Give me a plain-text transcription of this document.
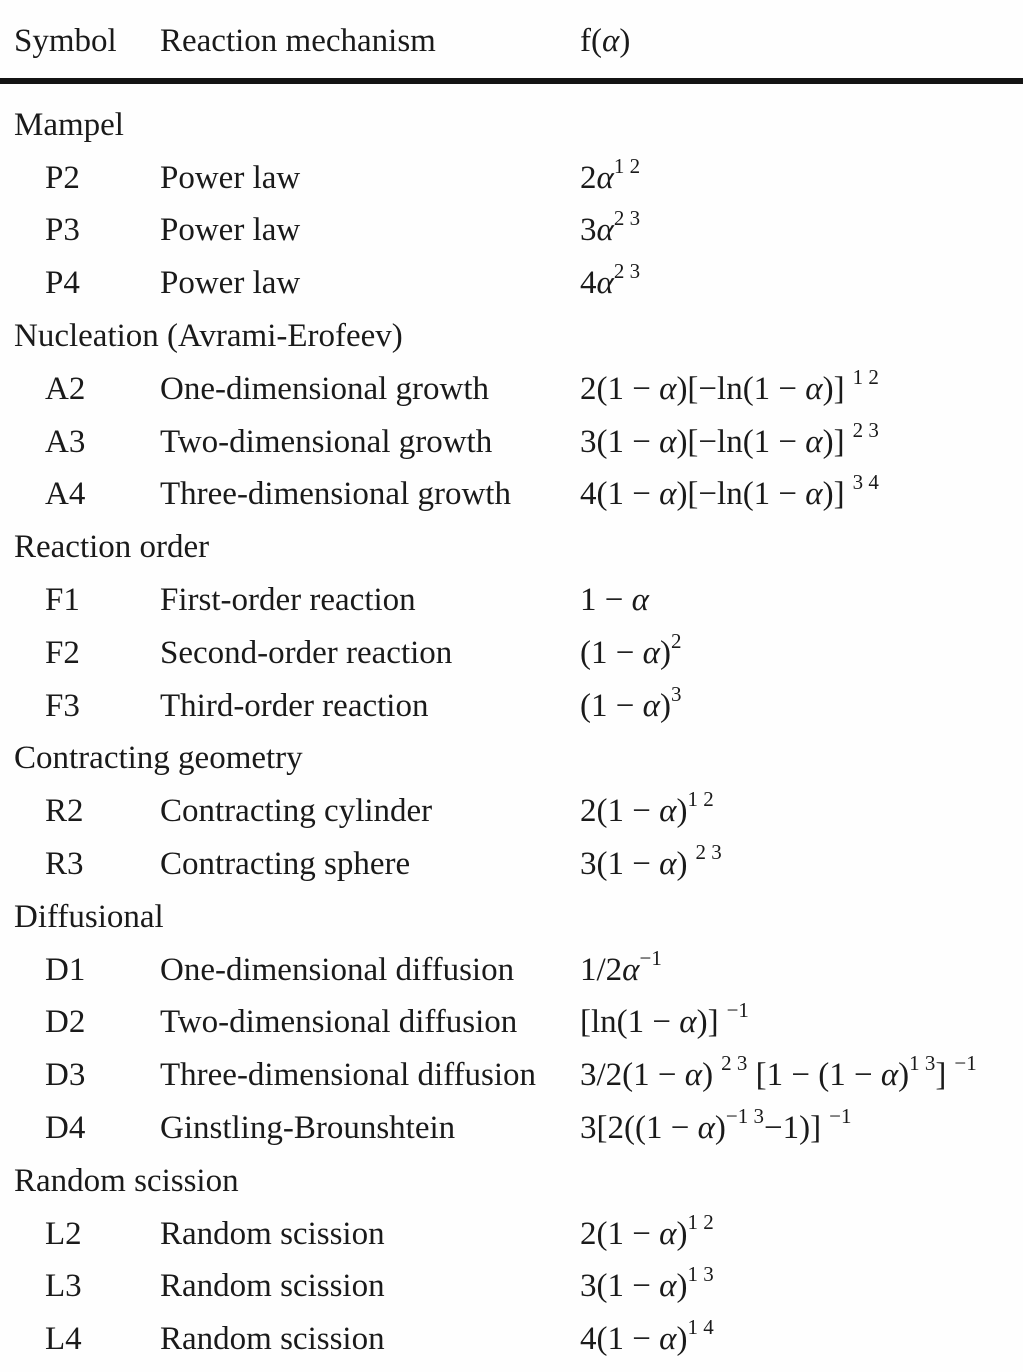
Symbol	Reaction mechanism	f(α)
Mampel
P2	Power law	$2\alpha^{1 2}$
P3	Power law	$3\alpha^{2 3}$
P4	Power law	$4\alpha^{2 3}$
Nucleation (Avrami-Erofeev)
A2	One-dimensional growth	2(1 − α)[−ln(1 − α)] $^{1 2}$
A3	Two-dimensional growth	3(1 − α)[−ln(1 − α)] $^{2 3}$
A4	Three-dimensional growth	4(1 − α)[−ln(1 − α)] $^{3 4}$
Reaction order
F1	First-order reaction	1 − α
F2	Second-order reaction	$(1 - \alpha)^2$
F3	Third-order reaction	$(1 - \alpha)^3$
Contracting geometry
R2	Contracting cylinder	$2(1 - \alpha)^{1 2}$
R3	Contracting sphere	3(1 − α) $^{2 3}$
Diffusional
D1	One-dimensional diffusion	$1/2\alpha^{-1}$
D2	Two-dimensional diffusion	[ln(1 − α)] $^{-1}$
D3	Three-dimensional diffusion	3/2(1 − α) $^{2 3}$ $[1 - (1 - \alpha)^{1 3}]$ $^{-1}$
D4	Ginstling-Brounshtein	$3[2((1 - \alpha)^{-1 3}-1)]$ $^{-1}$
Random scission
L2	Random scission	$2(1 - \alpha)^{1 2}$
L3	Random scission	$3(1 - \alpha)^{1 3}$
L4	Random scission	$4(1 - \alpha)^{1 4}$
